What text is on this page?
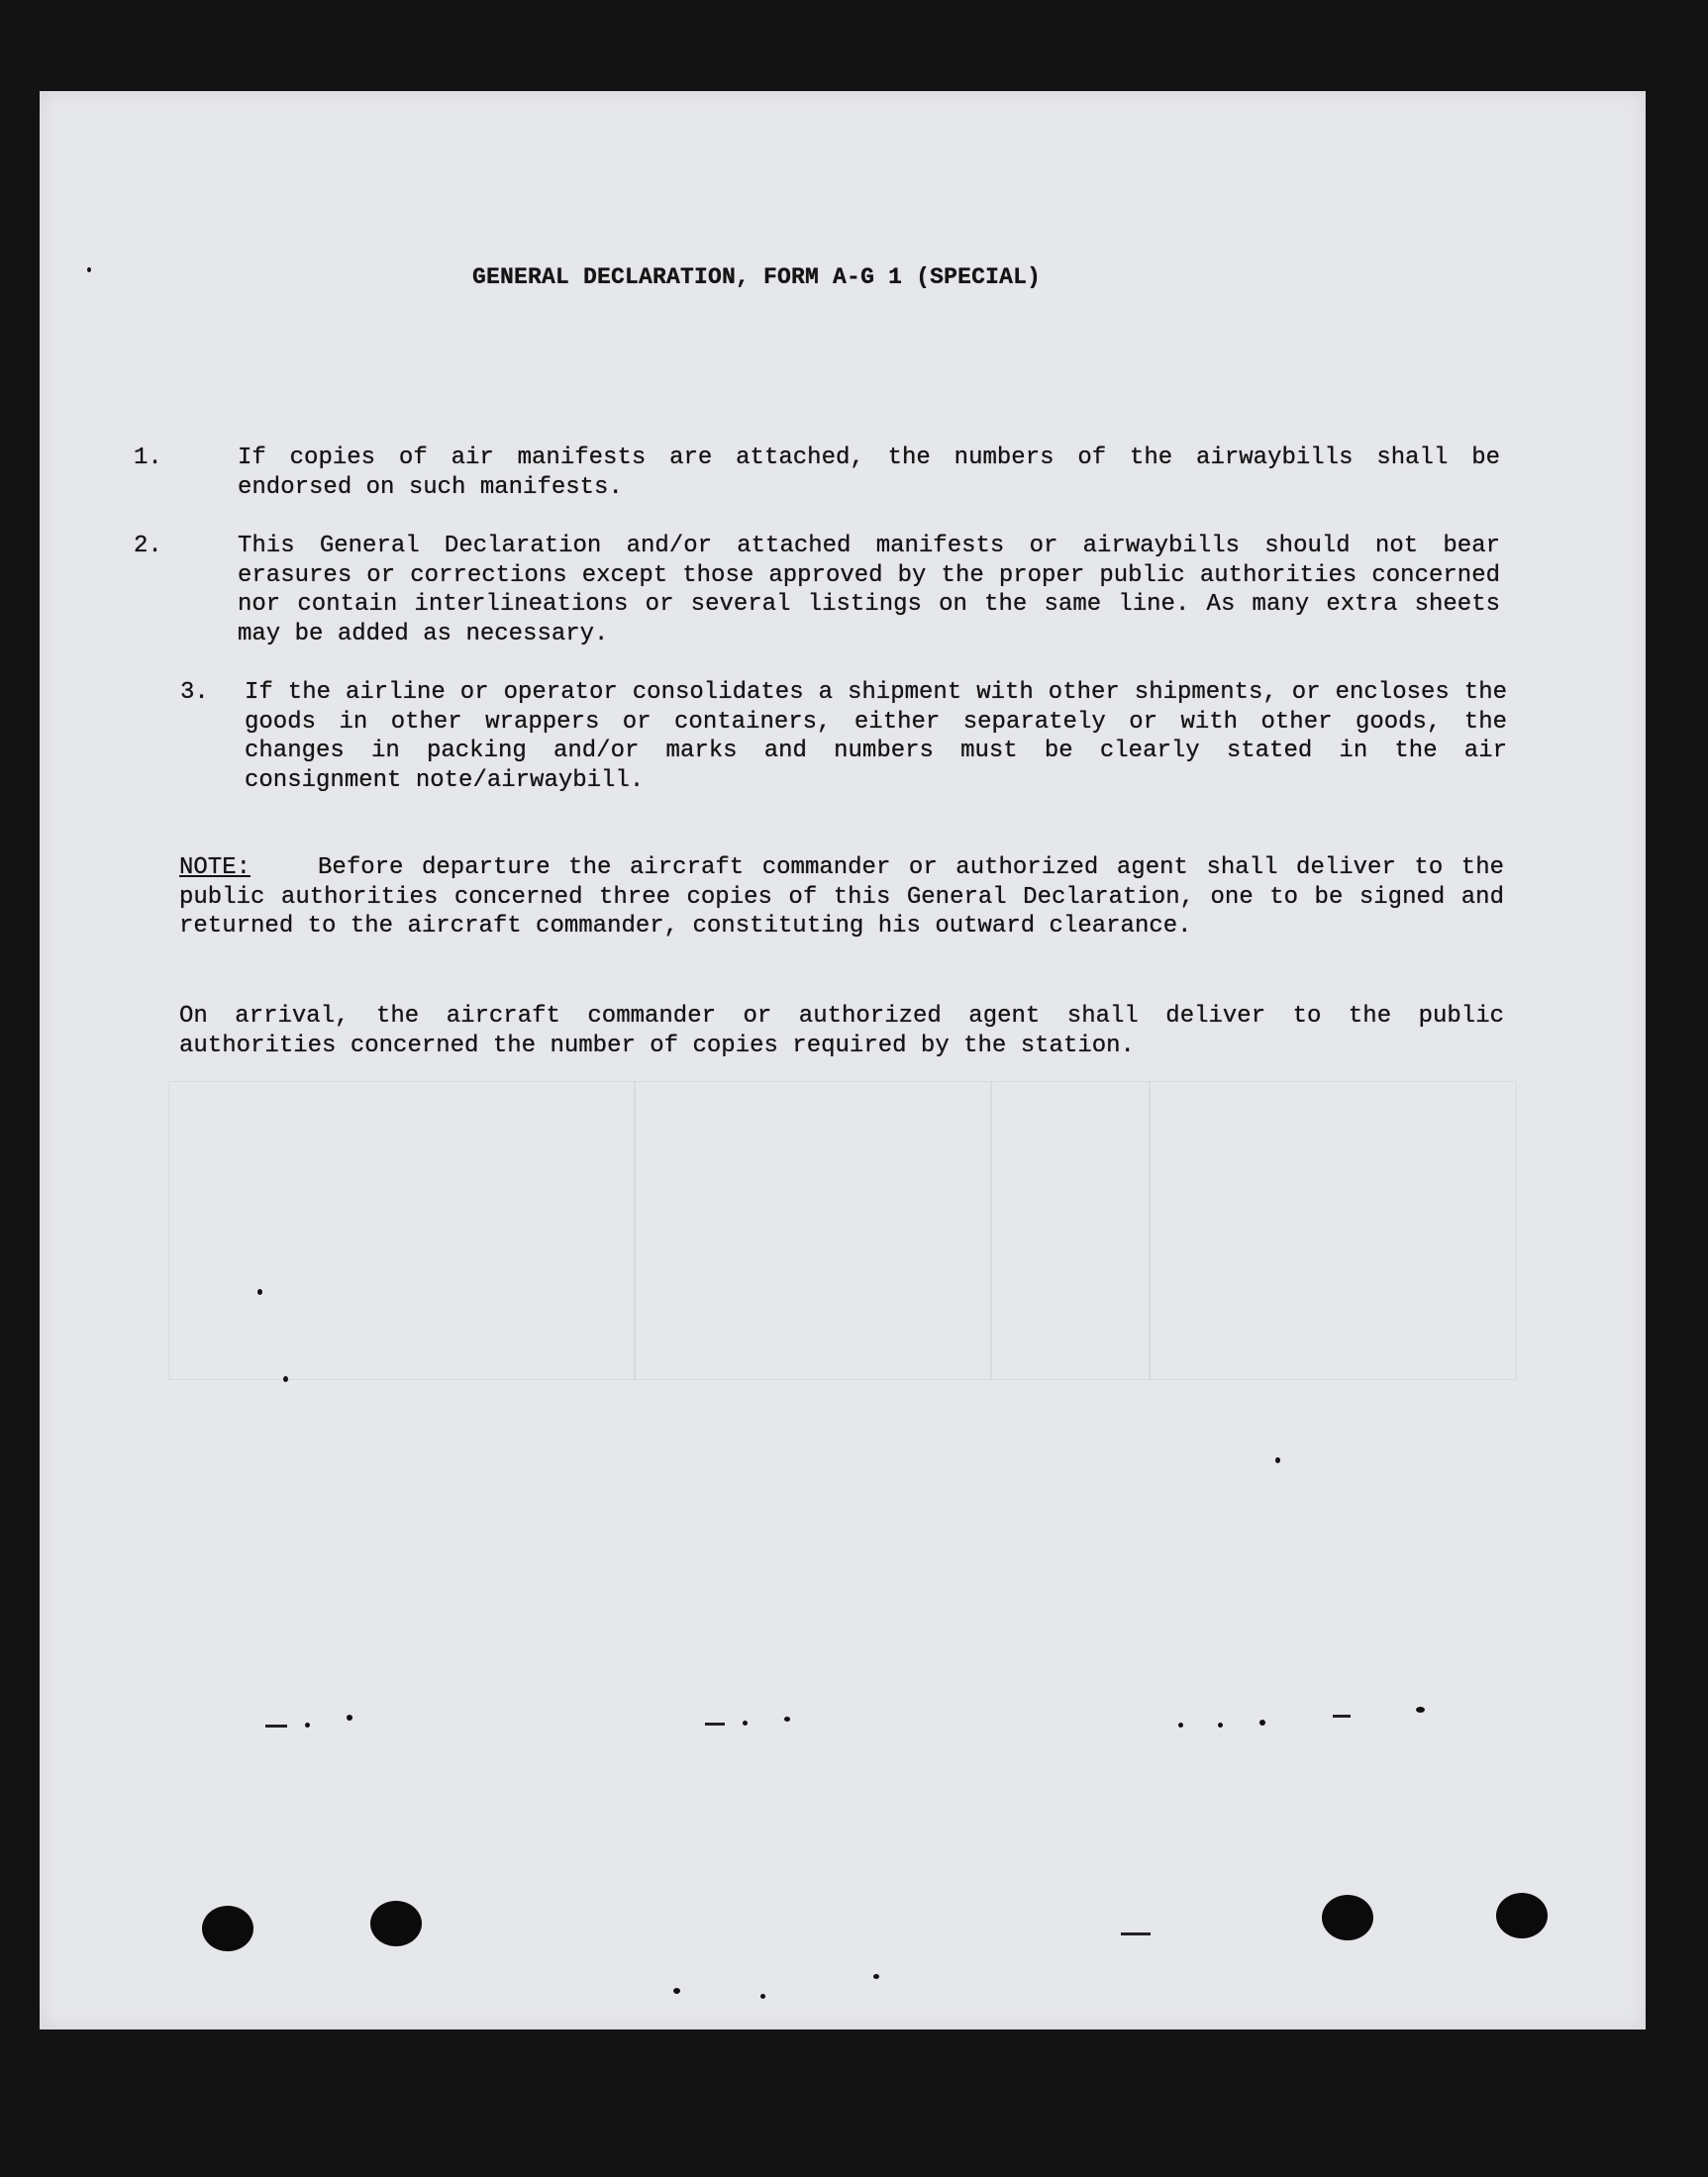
GENERAL DECLARATION, FORM A-G 1 (SPECIAL)
1.	If copies of air manifests are attached, the numbers of the airwaybills shall be endorsed on such manifests.
2.	This General Declaration and/or attached manifests or airwaybills should not bear erasures or corrections except those approved by the proper public authorities concerned nor contain interlineations or several listings on the same line. As many extra sheets may be added as necessary.
3. If the airline or operator consolidates a shipment with other shipments, or encloses the goods in other wrappers or containers, either separately or with other goods, the changes in packing and/or marks and numbers must be clearly stated in the air consignment note/airwaybill.
NOTE:	Before departure the aircraft commander or authorized agent shall deliver to the public authorities concerned three copies of this General Declaration, one to be signed and returned to the aircraft commander, constituting his outward clearance.
On arrival, the aircraft commander or authorized agent shall deliver to the public authorities concerned the number of copies required by the station.
